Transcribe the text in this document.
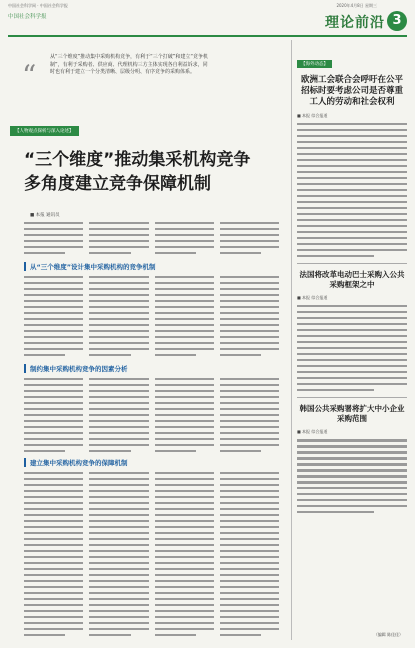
中国社会科学网 · 中国社会科学报	2020年4月8日 星期三
中国社会科学报	理论前沿 3
“
从“三个维度”推动集中采购机构竞争，有利于“三个打破”和建立“竞争机制”，有利于采购者、供应商、代理机构三方主体实现各自利益诉求，同时也有利于建立一个分类清晰、层级分明、有序竞争的采购体系。
【人物观点探析与深入论述】
“三个维度”推动集采机构竞争
多角度建立竞争保障机制
■ 本报 通讯员
从“三个维度”设计集中采购机构的竞争机制
制约集中采购机构竞争的因素分析
建立集中采购机构竞争的保障机制
【海外动态】
欧洲工会联合会呼吁在公平招标时要考虑公司是否尊重工人的劳动和社会权利
■ 本报 综合报道
法国将改革电动巴士采购入公共采购框架之中
■ 本报 综合报道
韩国公共采购署将扩大中小企业采购范围
■ 本报 综合报道
（编辑 陈佳佳）
